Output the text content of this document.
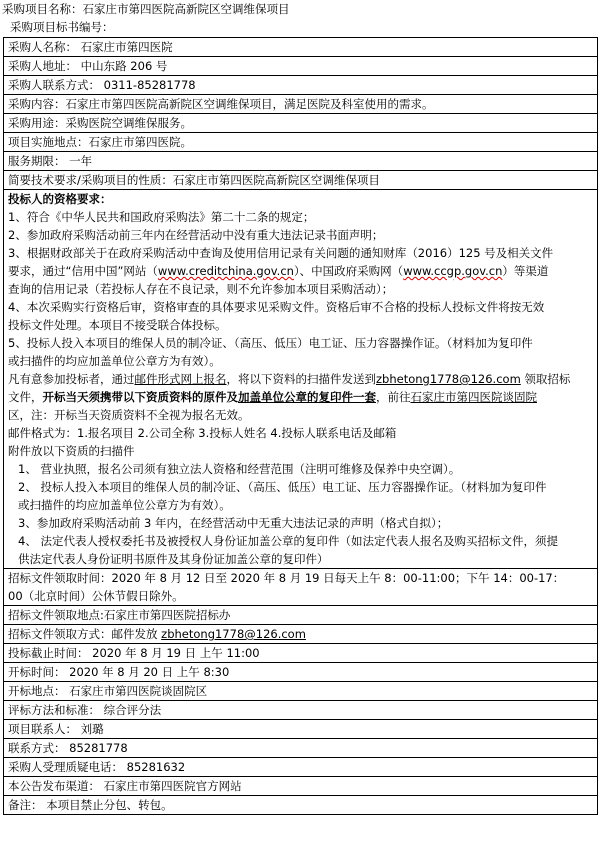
采购项目名称：石家庄市第四医院高新院区空调维保项目
采购项目标书编号：
采购人名称： 石家庄市第四医院
采购人地址： 中山东路 206 号
采购人联系方式： 0311-85281778
采购内容：石家庄市第四医院高新院区空调维保项目，满足医院及科室使用的需求。
采购用途：采购医院空调维保服务。
项目实施地点：石家庄市第四医院。
服务期限： 一年
简要技术要求/采购项目的性质：石家庄市第四医院高新院区空调维保项目

投标人的资格要求：
1、符合《中华人民共和国政府采购法》第二十二条的规定；
2、参加政府采购活动前三年内在经营活动中没有重大违法记录书面声明；
3、根据财政部关于在政府采购活动中查询及使用信用记录有关问题的通知财库（2016）125 号及相关文件
要求，通过“信用中国”网站（www.creditchina.gov.cn）、中国政府采购网（www.ccgp.gov.cn）等渠道
查询的信用记录（若投标人存在不良记录，则不允许参加本项目采购活动）；
4、本次采购实行资格后审，资格审查的具体要求见采购文件。资格后审不合格的投标人投标文件将按无效
投标文件处理。本项目不接受联合体投标。
5、投标人投入本项目的维保人员的制冷证、（高压、低压）电工证、压力容器操作证。（材料加为复印件
或扫描件的均应加盖单位公章方为有效）。
凡有意参加投标者，通过邮件形式网上报名，将以下资料的扫描件发送到zbhetong1778@126.com 领取招标
文件，开标当天须携带以下资质资料的原件及加盖单位公章的复印件一套，前往石家庄市第四医院谈固院
区，注：开标当天资质资料不全视为报名无效。
邮件格式为：1.报名项目 2.公司全称 3.投标人姓名 4.投标人联系电话及邮箱
附件放以下资质的扫描件
1、 营业执照，报名公司须有独立法人资格和经营范围（注明可维修及保养中央空调）。
2、 投标人投入本项目的维保人员的制冷证、（高压、低压）电工证、压力容器操作证。（材料加为复印件
或扫描件的均应加盖单位公章方为有效）。
3、参加政府采购活动前 3 年内，在经营活动中无重大违法记录的声明（格式自拟）；
4、 法定代表人授权委托书及被授权人身份证加盖公章的复印件（如法定代表人报名及购买招标文件，须提
供法定代表人身份证明书原件及其身份证加盖公章的复印件）

招标文件领取时间：2020 年 8 月 12 日至 2020 年 8 月 19 日每天上午 8：00-11:00；下午 14：00-17：
00（北京时间）公休节假日除外。

招标文件领取地点:石家庄市第四医院招标办
招标文件领取方式：邮件发放 zbhetong1778@126.com
投标截止时间： 2020 年 8 月 19 日 上午 11:00
开标时间： 2020 年 8 月 20 日 上午 8:30
开标地点： 石家庄市第四医院谈固院区
评标方法和标准： 综合评分法
项目联系人： 刘璐
联系方式： 85281778
采购人受理质疑电话： 85281632
本公告发布渠道： 石家庄市第四医院官方网站
备注： 本项目禁止分包、转包。
